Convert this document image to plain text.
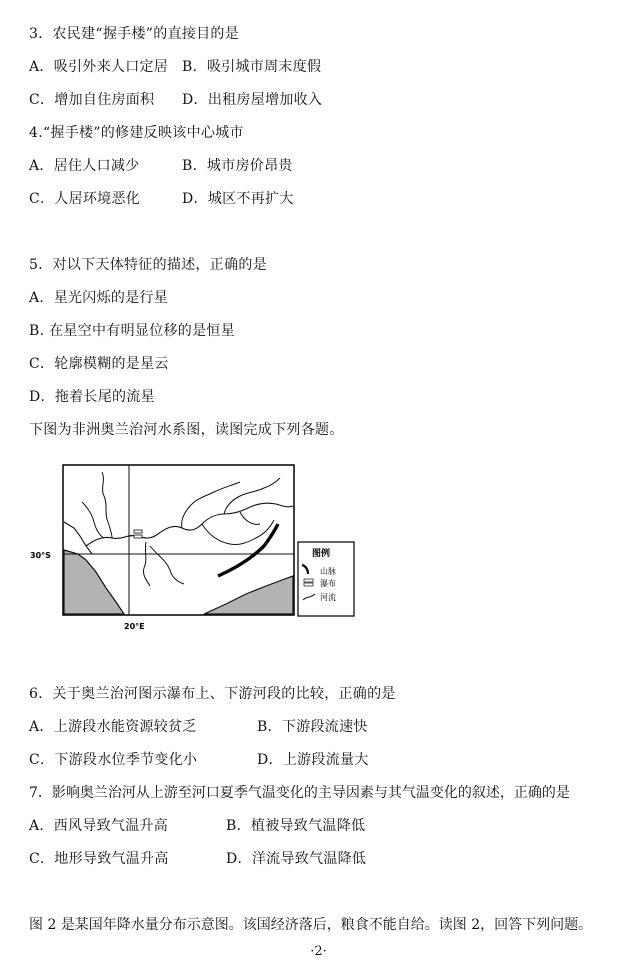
3．农民建“握手楼”的直接目的是
A．吸引外来人口定居 B．吸引城市周末度假
C．增加自住房面积 D．出租房屋增加收入
4.“握手楼”的修建反映该中心城市
A．居住人口减少	B．城市房价昂贵
C．人居环境恶化	D．城区不再扩大
5．对以下天体特征的描述，正确的是
A．星光闪烁的是行星
B. 在星空中有明显位移的是恒星
C．轮廓模糊的是星云
D．拖着长尾的流星
下图为非洲奥兰治河水系图，读图完成下列各题。
30°S
20°E
图例
山脉
瀑布
河流
6．关于奥兰治河图示瀑布上、下游河段的比较，正确的是
A．上游段水能资源较贫乏	B．下游段流速快
C．下游段水位季节变化小	D．上游段流量大
7．影响奥兰治河从上游至河口夏季气温变化的主导因素与其气温变化的叙述，正确的是
A．西风导致气温升高	B．植被导致气温降低
C．地形导致气温升高	D．洋流导致气温降低
图 2 是某国年降水量分布示意图。该国经济落后，粮食不能自给。读图 2，回答下列问题。
·2·
